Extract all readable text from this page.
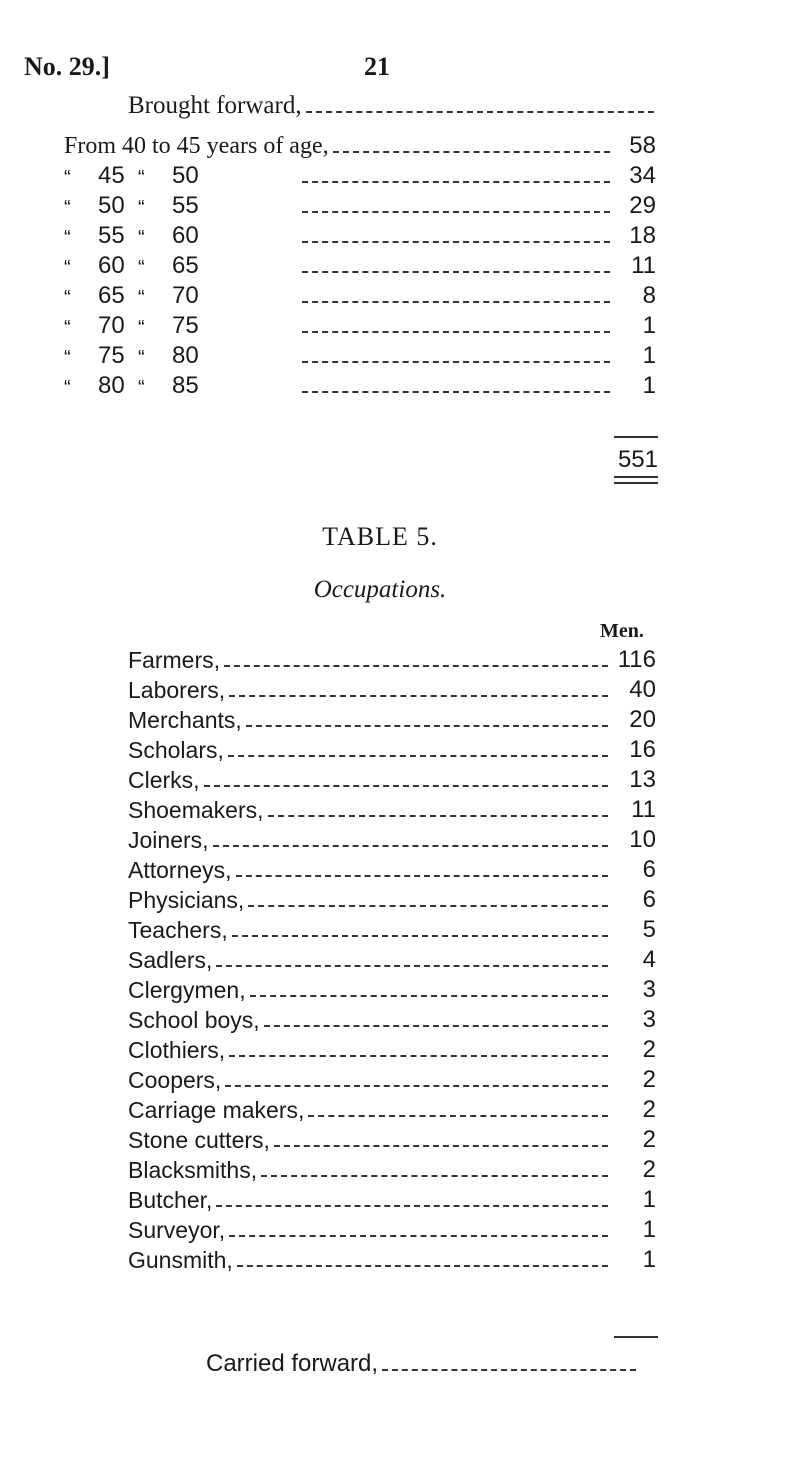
No. 29.]	21
Brought forward,
From 40 to 45 years of age,	58
“	45 “	50	34
“	50 “	55	29
“	55 “	60	18
“	60 “	65	11
“	65 “	70	8
“	70 “	75	1
“	75 “	80	1
“	80 “	85	1
551
TABLE 5.
Occupations.
Men.
Farmers,	116
Laborers,	40
Merchants,	20
Scholars,	16
Clerks,	13
Shoemakers,	11
Joiners,	10
Attorneys,	6
Physicians,	6
Teachers,	5
Sadlers,	4
Clergymen,	3
School boys,	3
Clothiers,	2
Coopers,	2
Carriage makers,	2
Stone cutters,	2
Blacksmiths,	2
Butcher,	1
Surveyor,	1
Gunsmith,	1
Carried forward,
